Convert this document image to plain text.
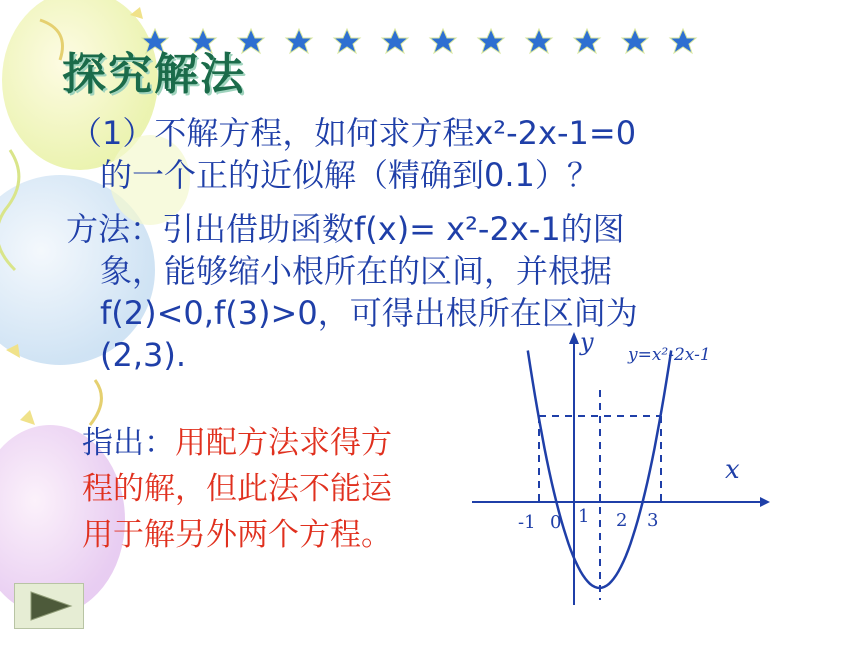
探究解法
（1）不解方程，如何求方程x²-2x-1=0
的一个正的近似解（精确到0.1）？
方法：引出借助函数f(x)= x²-2x-1的图
象，能够缩小根所在的区间，并根据
f(2)<0,f(3)>0，可得出根所在区间为
(2,3).
指出：用配方法求得方
程的解，但此法不能运
用于解另外两个方程。
y=x²-2x-1
x
y
-1 0 1 2 3
